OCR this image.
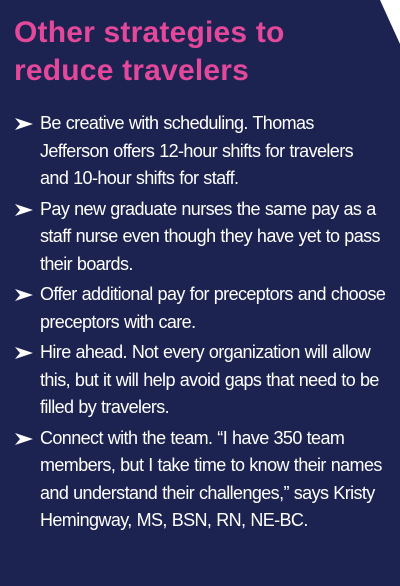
Other strategies to
reduce travelers
Be creative with scheduling. Thomas Jefferson offers 12-hour shifts for travelers and 10-hour shifts for staff.
Pay new graduate nurses the same pay as a staff nurse even though they have yet to pass their boards.
Offer additional pay for preceptors and choose preceptors with care.
Hire ahead. Not every organization will allow this, but it will help avoid gaps that need to be filled by travelers.
Connect with the team. “I have 350 team members, but I take time to know their names and understand their challenges,” says Kristy Hemingway, MS, BSN, RN, NE-BC.
